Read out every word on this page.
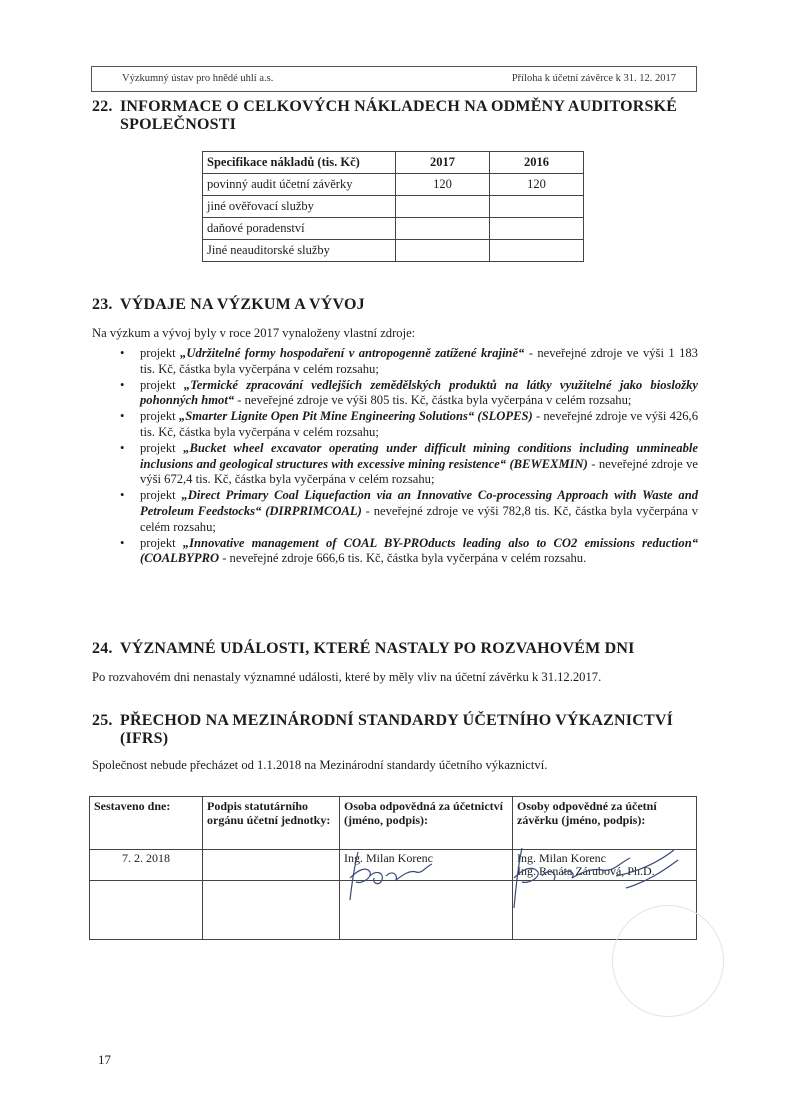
Výzkumný ústav pro hnědé uhlí a.s.	Příloha k účetní závěrce k 31. 12. 2017
22. INFORMACE O CELKOVÝCH NÁKLADECH NA ODMĚNY AUDITORSKÉ
SPOLEČNOSTI
Specifikace nákladů (tis. Kč)	2017	2016
povinný audit účetní závěrky	120	120
jiné ověřovací služby		
daňové poradenství		
Jiné neauditorské služby		
23. VÝDAJE NA VÝZKUM A VÝVOJ

Na výzkum a vývoj byly v roce 2017 vynaloženy vlastní zdroje:

• projekt „Udržitelné formy hospodaření v antropogenně zatížené krajině“ - neveřejné zdroje ve výši 1 183 tis. Kč, částka byla vyčerpána v celém rozsahu;
• projekt „Termické zpracování vedlejších zemědělských produktů na látky využitelné jako biosložky pohonných hmot“ - neveřejné zdroje ve výši 805 tis. Kč, částka byla vyčerpána v celém rozsahu;
• projekt „Smarter Lignite Open Pit Mine Engineering Solutions“ (SLOPES) - neveřejné zdroje ve výši 426,6 tis. Kč, částka byla vyčerpána v celém rozsahu;
• projekt „Bucket wheel excavator operating under difficult mining conditions including unmineable inclusions and geological structures with excessive mining resistence“ (BEWEXMIN) - neveřejné zdroje ve výši 672,4 tis. Kč, částka byla vyčerpána v celém rozsahu;
• projekt „Direct Primary Coal Liquefaction via an Innovative Co-processing Approach with Waste and Petroleum Feedstocks“ (DIRPRIMCOAL) - neveřejné zdroje ve výši 782,8 tis. Kč, částka byla vyčerpána v celém rozsahu;
• projekt „Innovative management of COAL BY-PROducts leading also to CO2 emissions reduction“ (COALBYPRO - neveřejné zdroje 666,6 tis. Kč, částka byla vyčerpána v celém rozsahu.
24. VÝZNAMNÉ UDÁLOSTI, KTERÉ NASTALY PO ROZVAHOVÉM DNI

Po rozvahovém dni nenastaly významné události, které by měly vliv na účetní závěrku k 31.12.2017.

25. PŘECHOD NA MEZINÁRODNÍ STANDARDY ÚČETNÍHO VÝKAZNICTVÍ
(IFRS)

Společnost nebude přecházet od 1.1.2018 na Mezinárodní standardy účetního výkaznictví.

Sestaveno dne:	Podpis statutárního orgánu účetní jednotky:	Osoba odpovědná za účetnictví (jméno, podpis):	Osoby odpovědné za účetní závěrku (jméno, podpis):
7. 2. 2018		Ing. Milan Korenc	Ing. Milan Korenc
Ing. Renáta Zárubová, Ph.D.

17
